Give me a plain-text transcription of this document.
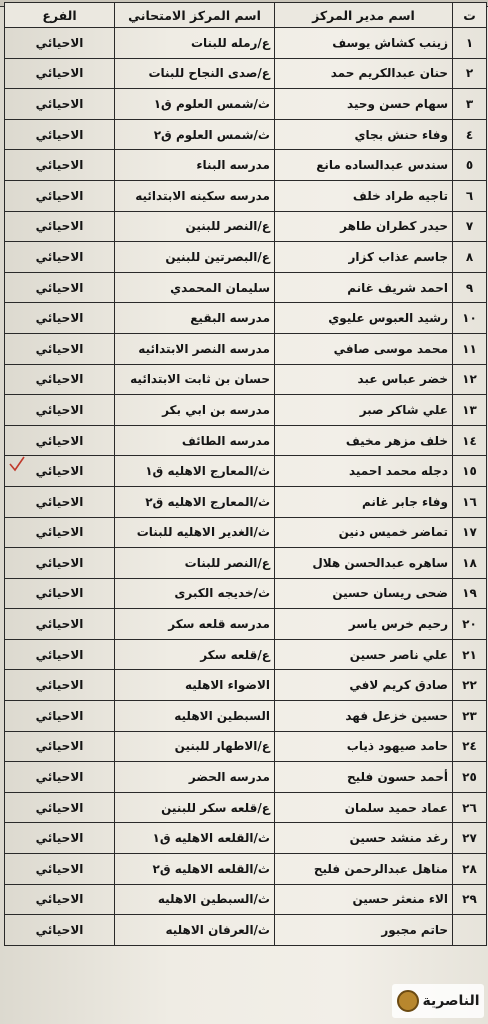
ت	اسم مدير المركز	اسم المركز الامتحاني	الفرع
١	زينب كشاش يوسف	ع/رمله للبنات	الاحيائي
٢	حنان عبدالكريم حمد	ع/صدى النجاح للبنات	الاحيائي
٣	سهام حسن وحيد	ث/شمس العلوم ق١	الاحيائي
٤	وفاء حنش بجاي	ث/شمس العلوم ق٢	الاحيائي
٥	سندس عبدالساده مانع	مدرسه البناء	الاحيائي
٦	تاجيه طراد خلف	مدرسه سكينه الابتدائيه	الاحيائي
٧	حيدر كطران طاهر	ع/النصر للبنين	الاحيائي
٨	جاسم عذاب كزار	ع/البصرتين للبنين	الاحيائي
٩	احمد شريف غانم	سليمان المحمدي	الاحيائي
١٠	رشيد العبوس عليوي	مدرسه البقيع	الاحيائي
١١	محمد موسى صافي	مدرسه النصر الابتدائيه	الاحيائي
١٢	خضر عباس عبد	حسان بن ثابت الابتدائيه	الاحيائي
١٣	علي شاكر صبر	مدرسه بن ابي بكر	الاحيائي
١٤	خلف مزهر مخيف	مدرسه الطائف	الاحيائي
١٥	دجله محمد احميد	ث/المعارج الاهليه ق١	الاحيائي
١٦	وفاء جابر غانم	ث/المعارج الاهليه ق٢	الاحيائي
١٧	تماضر خميس دنين	ث/الغدير الاهليه للبنات	الاحيائي
١٨	ساهره عبدالحسن هلال	ع/النصر للبنات	الاحيائي
١٩	ضحى ريسان حسين	ث/خديجه الكبرى	الاحيائي
٢٠	رحيم خرس ياسر	مدرسه قلعه سكر	الاحيائي
٢١	علي ناصر حسين	ع/قلعه سكر	الاحيائي
٢٢	صادق كريم لافي	الاضواء الاهليه	الاحيائي
٢٣	حسين خزعل فهد	السبطين الاهليه	الاحيائي
٢٤	حامد صيهود ذياب	ع/الاطهار للبنين	الاحيائي
٢٥	أحمد حسون فليح	مدرسه الحضر	الاحيائي
٢٦	عماد حميد سلمان	ع/قلعه سكر للبنين	الاحيائي
٢٧	رغد منشد حسين	ث/القلعه الاهليه ق١	الاحيائي
٢٨	مناهل عبدالرحمن فليح	ث/القلعه الاهليه ق٢	الاحيائي
٢٩	الاء منعثر حسين	ث/السبطين الاهليه	الاحيائي
	حاتم مجبور	ث/العرفان الاهليه	الاحيائي
الناصرية
